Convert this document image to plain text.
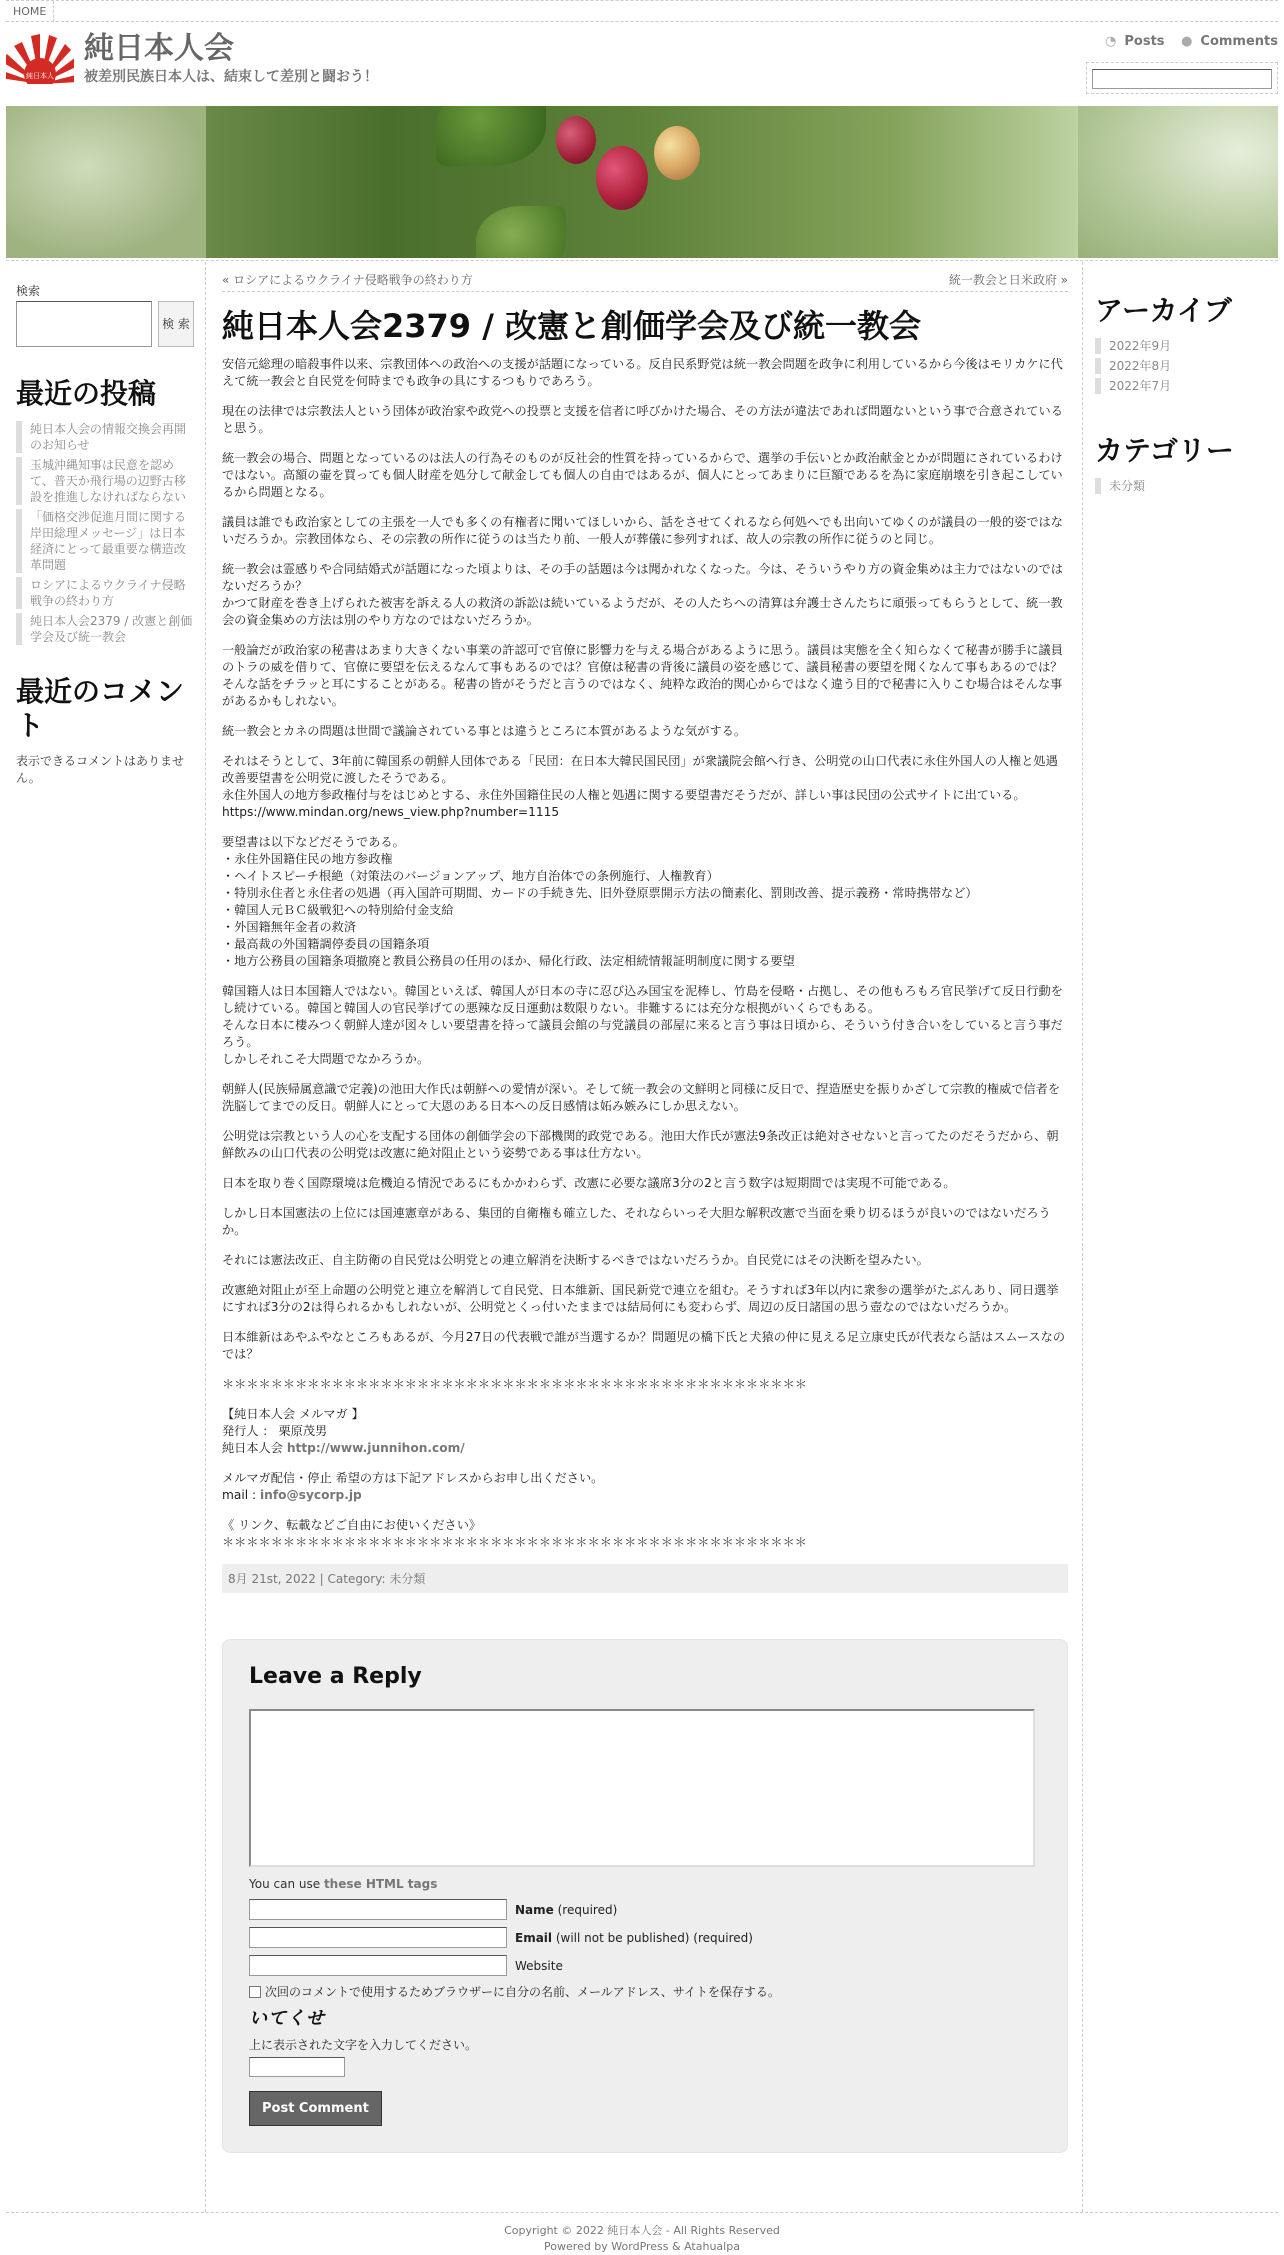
HOME
純日本人
純日本人会
被差別民族日本人は、結束して差別と闘おう！
◔ Posts ● Comments
検索
検 索
最近の投稿
純日本人会の情報交換会再開のお知らせ
玉城沖縄知事は民意を認めて、普天か飛行場の辺野古移設を推進しなければならない
「価格交渉促進月間に関する岸田総理メッセージ」は日本経済にとって最重要な構造改革問題
ロシアによるウクライナ侵略戦争の終わり方
純日本人会2379 / 改憲と創価学会及び統一教会
最近のコメント
表示できるコメントはありません。
« ロシアによるウクライナ侵略戦争の終わり方	統一教会と日米政府 »
純日本人会2379 / 改憲と創価学会及び統一教会

安倍元総理の暗殺事件以来、宗教団体への政治への支援が話題になっている。反自民系野党は統一教会問題を政争に利用しているから今後はモリカケに代えて統一教会と自民党を何時までも政争の具にするつもりであろう。

現在の法律では宗教法人という団体が政治家や政党への投票と支援を信者に呼びかけた場合、その方法が違法であれば問題ないという事で合意されていると思う。

統一教会の場合、問題となっているのは法人の行為そのものが反社会的性質を持っているからで、選挙の手伝いとか政治献金とかが問題にされているわけではない。高額の壷を買っても個人財産を処分して献金しても個人の自由ではあるが、個人にとってあまりに巨額であるを為に家庭崩壊を引き起こしているから問題となる。

議員は誰でも政治家としての主張を一人でも多くの有権者に聞いてほしいから、話をさせてくれるなら何処へでも出向いてゆくのが議員の一般的姿ではないだろうか。宗教団体なら、その宗教の所作に従うのは当たり前、一般人が葬儀に参列すれば、故人の宗教の所作に従うのと同じ。

統一教会は霊感りや合同結婚式が話題になった頃よりは、その手の話題は今は聞かれなくなった。今は、そういうやり方の資金集めは主力ではないのではないだろうか？
かつて財産を巻き上げられた被害を訴える人の救済の訴訟は続いているようだが、その人たちへの清算は弁護士さんたちに頑張ってもらうとして、統一教会の資金集めの方法は別のやり方なのではないだろうか。

一般論だが政治家の秘書はあまり大きくない事業の許認可で官僚に影響力を与える場合があるように思う。議員は実態を全く知らなくて秘書が勝手に議員のトラの威を借りて、官僚に要望を伝えるなんて事もあるのでは？官僚は秘書の背後に議員の姿を感じて、議員秘書の要望を聞くなんて事もあるのでは？　そんな話をチラッと耳にすることがある。秘書の皆がそうだと言うのではなく、純粋な政治的関心からではなく違う目的で秘書に入りこむ場合はそんな事があるかもしれない。

統一教会とカネの問題は世間で議論されている事とは違うところに本質があるような気がする。

それはそうとして、3年前に韓国系の朝鮮人団体である「民団：在日本大韓民国民団」が衆議院会館へ行き、公明党の山口代表に永住外国人の人権と処遇改善要望書を公明党に渡したそうである。
永住外国人の地方参政権付与をはじめとする、永住外国籍住民の人権と処遇に関する要望書だそうだが、詳しい事は民団の公式サイトに出ている。
https://www.mindan.org/news_view.php?number=1115

要望書は以下などだそうである。
・永住外国籍住民の地方参政権
・ヘイトスピーチ根絶（対策法のバージョンアップ、地方自治体での条例施行、人権教育）
・特別永住者と永住者の処遇（再入国許可期間、カードの手続き先、旧外登原票開示方法の簡素化、罰則改善、提示義務・常時携帯など）
・韓国人元ＢＣ級戦犯への特別給付金支給
・外国籍無年金者の救済
・最高裁の外国籍調停委員の国籍条項
・地方公務員の国籍条項撤廃と教員公務員の任用のほか、帰化行政、法定相続情報証明制度に関する要望

韓国籍人は日本国籍人ではない。韓国といえば、韓国人が日本の寺に忍び込み国宝を泥棒し、竹島を侵略・占拠し、その他もろもろ官民挙げて反日行動をし続けている。韓国と韓国人の官民挙げての悪辣な反日運動は数限りない。非難するには充分な根拠がいくらでもある。
そんな日本に棲みつく朝鮮人達が図々しい要望書を持って議員会館の与党議員の部屋に来ると言う事は日頃から、そういう付き合いをしていると言う事だろう。
しかしそれこそ大問題でなかろうか。

朝鮮人(民族帰属意識で定義)の池田大作氏は朝鮮への愛情が深い。そして統一教会の文鮮明と同様に反日で、捏造歴史を振りかざして宗教的権威で信者を洗脳してまでの反日。朝鮮人にとって大恩のある日本への反日感情は妬み嫉みにしか思えない。

公明党は宗教という人の心を支配する団体の創価学会の下部機関的政党である。池田大作氏が憲法9条改正は絶対させないと言ってたのだそうだから、朝鮮飲みの山口代表の公明党は改憲に絶対阻止という姿勢である事は仕方ない。

日本を取り巻く国際環境は危機迫る情況であるにもかかわらず、改憲に必要な議席3分の2と言う数字は短期間では実現不可能である。

しかし日本国憲法の上位には国連憲章がある、集団的自衛権も確立した、それならいっそ大胆な解釈改憲で当面を乗り切るほうが良いのではないだろうか。

それには憲法改正、自主防衛の自民党は公明党との連立解消を決断するべきではないだろうか。自民党にはその決断を望みたい。

改憲絶対阻止が至上命題の公明党と連立を解消して自民党、日本維新、国民新党で連立を組む。そうすれば3年以内に衆参の選挙がたぶんあり、同日選挙にすれば3分の2は得られるかもしれないが、公明党とくっ付いたままでは結局何にも変わらず、周辺の反日諸国の思う壺なのではないだろうか。

日本維新はあやふやなところもあるが、今月27日の代表戦で誰が当選するか？問題児の橋下氏と犬猿の仲に見える足立康史氏が代表なら話はスムースなのでは？

＊＊＊＊＊＊＊＊＊＊＊＊＊＊＊＊＊＊＊＊＊＊＊＊＊＊＊＊＊＊＊＊＊＊＊＊＊＊＊＊＊＊＊＊＊＊＊＊

【純日本人会 メルマガ 】
発行人 ： 栗原茂男
純日本人会 http://www.junnihon.com/

メルマガ配信・停止 希望の方は下記アドレスからお申し出ください。
mail : info@sycorp.jp

《 リンク、転載などご自由にお使いください》
＊＊＊＊＊＊＊＊＊＊＊＊＊＊＊＊＊＊＊＊＊＊＊＊＊＊＊＊＊＊＊＊＊＊＊＊＊＊＊＊＊＊＊＊＊＊＊＊

8月 21st, 2022 | Category: 未分類
Leave a Reply
You can use these HTML tags
Name (required)
Email (will not be published) (required)
Website
次回のコメントで使用するためブラウザーに自分の名前、メールアドレス、サイトを保存する。
いてくせ
上に表示された文字を入力してください。
Post Comment
アーカイブ
2022年9月
2022年8月
2022年7月
カテゴリー
未分類
Copyright © 2022 純日本人会 - All Rights Reserved
Powered by WordPress & Atahualpa
